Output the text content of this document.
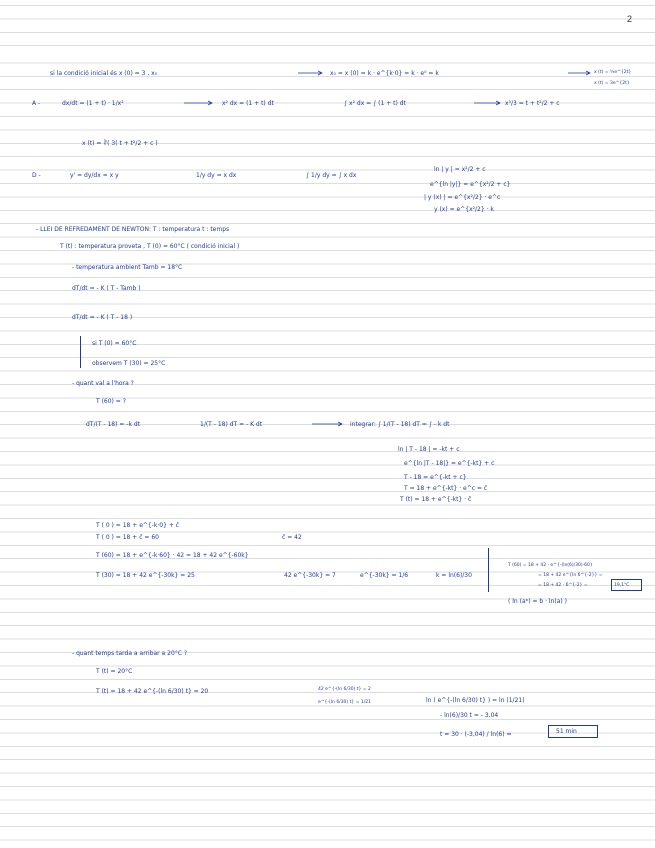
2
si la condició inicial és x (0) = 3 , x₀	x₀ = x (0) = k · e^{k·0} = k · e⁰ = k	x (t) = ⅓e^{2t}
x (t) = 3e^{2t}
A -	dx/dt = (1 + t) · 1/x²	x² dx = (1 + t) dt	∫ x² dx = ∫ (1 + t) dt	x³/3 = t + t²/2 + c
x (t) = ∛( 3( t + t²/2 + c )
D -	y' = dy/dx = x y	1/y dy = x dx	∫ 1/y dy = ∫ x dx
ln | y | = x²/2 + c
e^{ln |y|} = e^{x²/2 + c}
| y (x) | = e^{x²/2} · e^c
y (x) = e^{x²/2} · k
- LLEI DE REFREDAMENT DE NEWTON: T : temperatura t : temps
T (t) : temperatura proveta , T (0) = 60°C ( condició inicial )
- temperatura ambient Tamb = 18°C
dT/dt = - K ( T - Tamb )
dT/dt = - K ( T - 18 )
si T (0) = 60°C
observem T (30) = 25°C
- quant val a l'hora ?
T (60) = ?
dT/(T - 18) = -k dt	1/(T - 18) dT = - K dt	integrar: ∫ 1/(T - 18) dT = ∫ - k dt
ln | T - 18 | = -kt + c
e^{ln |T - 18|} = e^{-kt} + c
T - 18 = e^{-kt + c}
T = 18 + e^{-kt} · e^c = ĉ
T (t) = 18 + e^{-kt} · ĉ
T ( 0 ) = 18 + e^{-k·0} + ĉ
T ( 0 ) = 18 + ĉ = 60	ĉ = 42
T (60) = 18 + e^{-k·60} · 42 = 18 + 42 e^{-60k}
T (30) = 18 + 42 e^{-30k} = 25	42 e^{-30k} = 7	e^{-30k} = 1/6	k = ln(6)/30
T (60) = 18 + 42 · e^{-(ln(6)/30)·60}
= 18 + 42 e^{ln 6^{-2}} =
= 18 + 42 · 6^{-2} =	19,1°C
( ln (aᵇ) = b · ln(a) )
- quant temps tarda a arribar a 20°C ?
T (t) = 20°C
T (t) = 18 + 42 e^{-(ln 6/30) t} = 20	42 e^{-(ln 6/30) t} = 2
e^{-(ln 6/30) t} = 1/21	ln ( e^{-(ln 6/30) t} ) = ln (1/21)
- ln(6)/30 t = - 3,04
t = 30 · (-3,04) / ln(6) =	51 min
